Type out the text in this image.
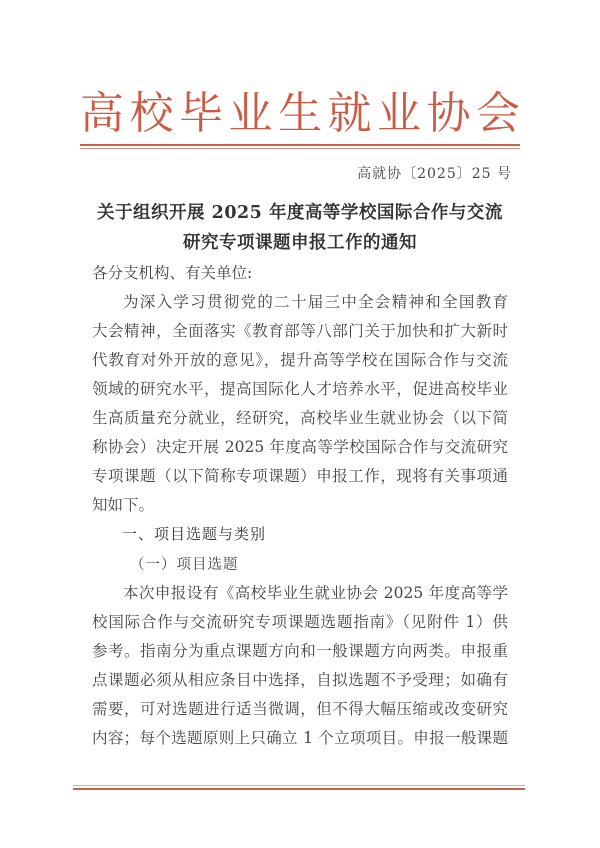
高 校 毕 业 生 就 业 协 会
高就协〔2025〕25 号
关于组织开展 2025 年度高等学校国际合作与交流
研究专项课题申报工作的通知
各分支机构、有关单位:
为深入学习贯彻党的二十届三中全会精神和全国教育
大会精神，全面落实《教育部等八部门关于加快和扩大新时
代教育对外开放的意见》，提升高等学校在国际合作与交流
领域的研究水平，提高国际化人才培养水平，促进高校毕业
生高质量充分就业，经研究，高校毕业生就业协会（以下简
称协会）决定开展 2025 年度高等学校国际合作与交流研究
专项课题（以下简称专项课题）申报工作，现将有关事项通
知如下。
一、项目选题与类别
（一）项目选题
本次申报设有《高校毕业生就业协会 2025 年度高等学
校国际合作与交流研究专项课题选题指南》（见附件 1）供
参考。指南分为重点课题方向和一般课题方向两类。申报重
点课题必须从相应条目中选择，自拟选题不予受理；如确有
需要，可对选题进行适当微调，但不得大幅压缩或改变研究
内容；每个选题原则上只确立 1 个立项项目。申报一般课题
